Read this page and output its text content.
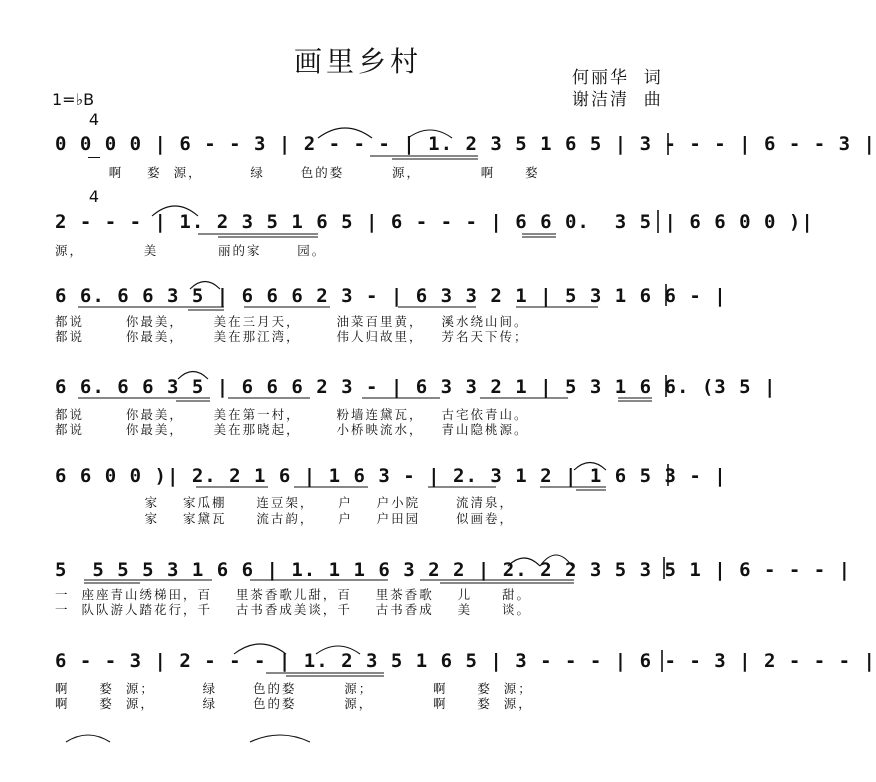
画里乡村	何丽华  词
谢洁清  曲
1=♭B

4

4

0 0 0 0 | 6 - - 3 | 2 - - - | 1. 2 3 5 1 6 5 | 3 - - - | 6 - - 3 |
啊    婺  源，        绿      色的婺        源，          啊     婺
2 - - - | 1. 2 3 5 1 6 5 | 6 - - - | 6 6 0.  3 5 | 6 6 0 0 )|
源，          美          丽的家      园。
6 6. 6 6 3 5 | 6 6 6 2 3 - | 6 3 3 2 1 | 5 3 1 6 6 - |
都说       你最美，     美在三月天，      油菜百里黄，   溪水绕山间。
都说       你最美，     美在那江湾，      伟人归故里，   芳名天下传；
6 6. 6 6 3 5 | 6 6 6 2 3 - | 6 3 3 2 1 | 5 3 1 6 6. (3 5 |
都说       你最美，     美在第一村，      粉墙连黛瓦，   古宅依青山。
都说       你最美，     美在那晓起，      小桥映流水，   青山隐桃源。
6 6 0 0 )| 2. 2 1 6 | 1 6 3 - | 2. 3 1 2 | 1 6 5 3 - |
家    家瓜棚     连豆架，    户    户小院      流清泉，
家    家黛瓦     流古韵，    户    户田园      似画卷，
5  5 5 5 3 1 6 6 | 1. 1 1 6 3 2 2 | 2. 2 2 3 5 3 5 1 | 6 - - - |
一  座座青山绣梯田，百    里茶香歌儿甜，百    里茶香歌    儿     甜。
一  队队游人踏花行，千    古书香成美谈，千    古书香成    美     谈。
6 - - 3 | 2 - - - | 1. 2 3 5 1 6 5 | 3 - - - | 6 - - 3 | 2 - - - |
啊     婺  源；        绿      色的婺        源；          啊     婺  源；
啊     婺  源，        绿      色的婺        源，          啊     婺  源，
